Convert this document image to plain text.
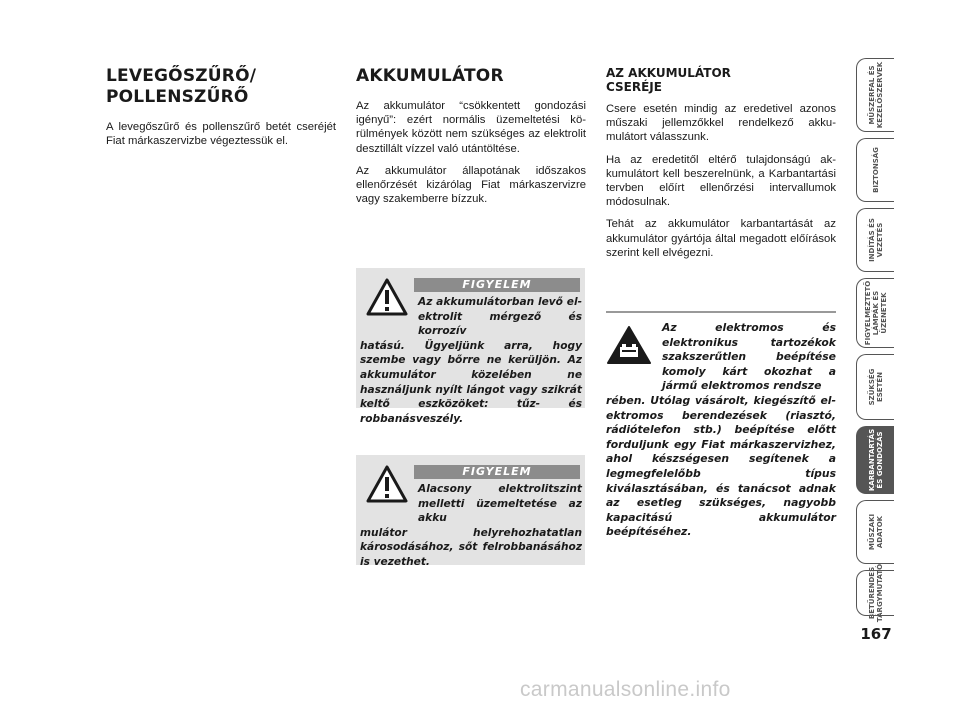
LEVEGŐSZŰRŐ/
POLLENSZŰRŐ

A levegőszűrő és pollenszűrő betét cseréjét Fiat márkaszervizbe végeztessük el.

AKKUMULÁTOR

Az akkumulátor “csökkentett gondozási igényű”: ezért normális üzemeltetési körülmények között nem szükséges az elektrolit desztillált vízzel való utántöltése.

Az akkumulátor állapotának időszakos ellenőrzését kizárólag Fiat márkaszervizre vagy szakemberre bízzuk.

FIGYELEM
Az akkumulátorban levő elektrolit mérgező és korrozív
hatású. Ügyeljünk arra, hogy szembe vagy bőrre ne kerüljön. Az akkumulátor közelében ne használjunk nyílt lángot vagy szikrát keltő eszközöket: tűz- és robbanásveszély.
FIGYELEM
Alacsony elektrolitszint melletti üzemeltetése az akku
mulátor helyrehozhatatlan károsodásához, sőt felrobbanásához is vezethet.
AZ AKKUMULÁTOR
CSERÉJE

Csere esetén mindig az eredetivel azonos műszaki jellemzőkkel rendelkező akkumulátort válasszunk.

Ha az eredetitől eltérő tulajdonságú akkumulátort kell beszerelnünk, a Karbantartási tervben előírt ellenőrzési intervallumok módosulnak.

Tehát az akkumulátor karbantartását az akkumulátor gyártója által megadott előírások szerint kell elvégezni.

Az elektromos és elektronikus tartozékok szakszerűtlen beépítése komoly kárt okozhat a jármű elektromos rendsze
rében. Utólag vásárolt, kiegészítő elektromos berendezések (riasztó, rádiótelefon stb.) beépítése előtt forduljunk egy Fiat márkaszervizhez, ahol készségesen segítenek a legmegfelelőbb típus kiválasztásában, és tanácsot adnak az esetleg szükséges, nagyobb kapacitású akkumulátor beépítéséhez.
MŰSZERFAL ÉS
KEZELŐSZERVEK
BIZTONSÁG
INDÍTÁS ÉS
VEZETÉS
FIGYELMEZTETŐ
LÁMPÁK ÉS
ÜZENETEK
SZÜKSÉG
ESETÉN
KARBANTARTÁS
ÉS GONDOZÁS
MŰSZAKI
ADATOK
BETŰRENDES
TÁRGYMUTATÓ
167
carmanualsonline.info
